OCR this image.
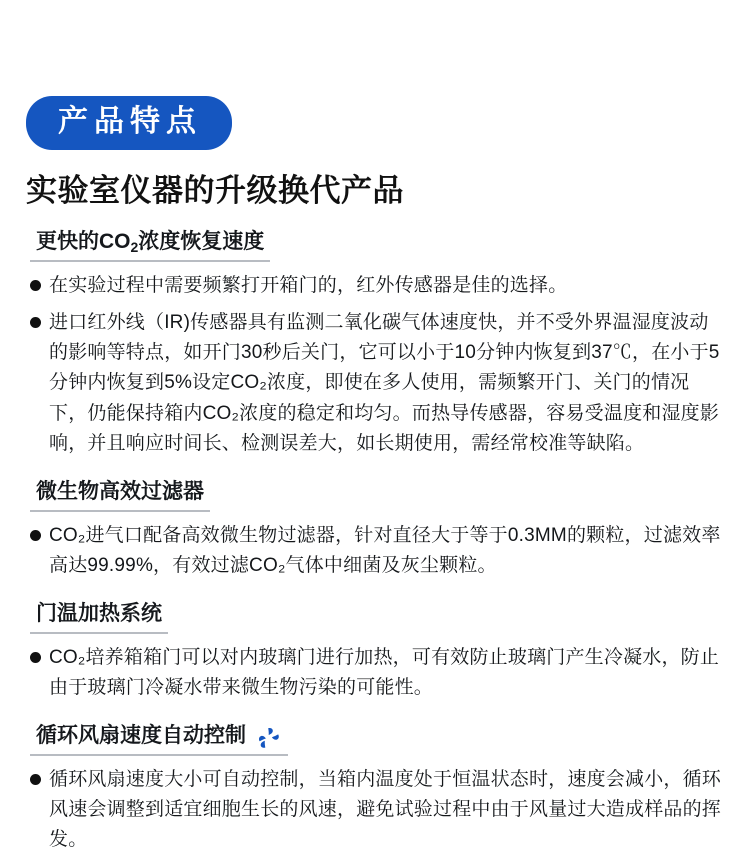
产品特点
实验室仪器的升级换代产品
更快的$CO_2$浓度恢复速度
在实验过程中需要频繁打开箱门的，红外传感器是佳的选择。
进口红外线（IR)传感器具有监测二氧化碳气体速度快，并不受外界温湿度波动的影响等特点，如开门30秒后关门，它可以小于10分钟内恢复到37℃，在小于5分钟内恢复到5%设定CO₂浓度，即使在多人使用，需频繁开门、关门的情况下，仍能保持箱内CO₂浓度的稳定和均匀。而热导传感器，容易受温度和湿度影响，并且响应时间长、检测误差大，如长期使用，需经常校准等缺陷。
微生物高效过滤器
CO₂进气口配备高效微生物过滤器，针对直径大于等于0.3MM的颗粒，过滤效率高达99.99%，有效过滤CO₂气体中细菌及灰尘颗粒。
门温加热系统
CO₂培养箱箱门可以对内玻璃门进行加热，可有效防止玻璃门产生冷凝水，防止由于玻璃门冷凝水带来微生物污染的可能性。
循环风扇速度自动控制
循环风扇速度大小可自动控制，当箱内温度处于恒温状态时，速度会减小，循环风速会调整到适宜细胞生长的风速，避免试验过程中由于风量过大造成样品的挥发。
